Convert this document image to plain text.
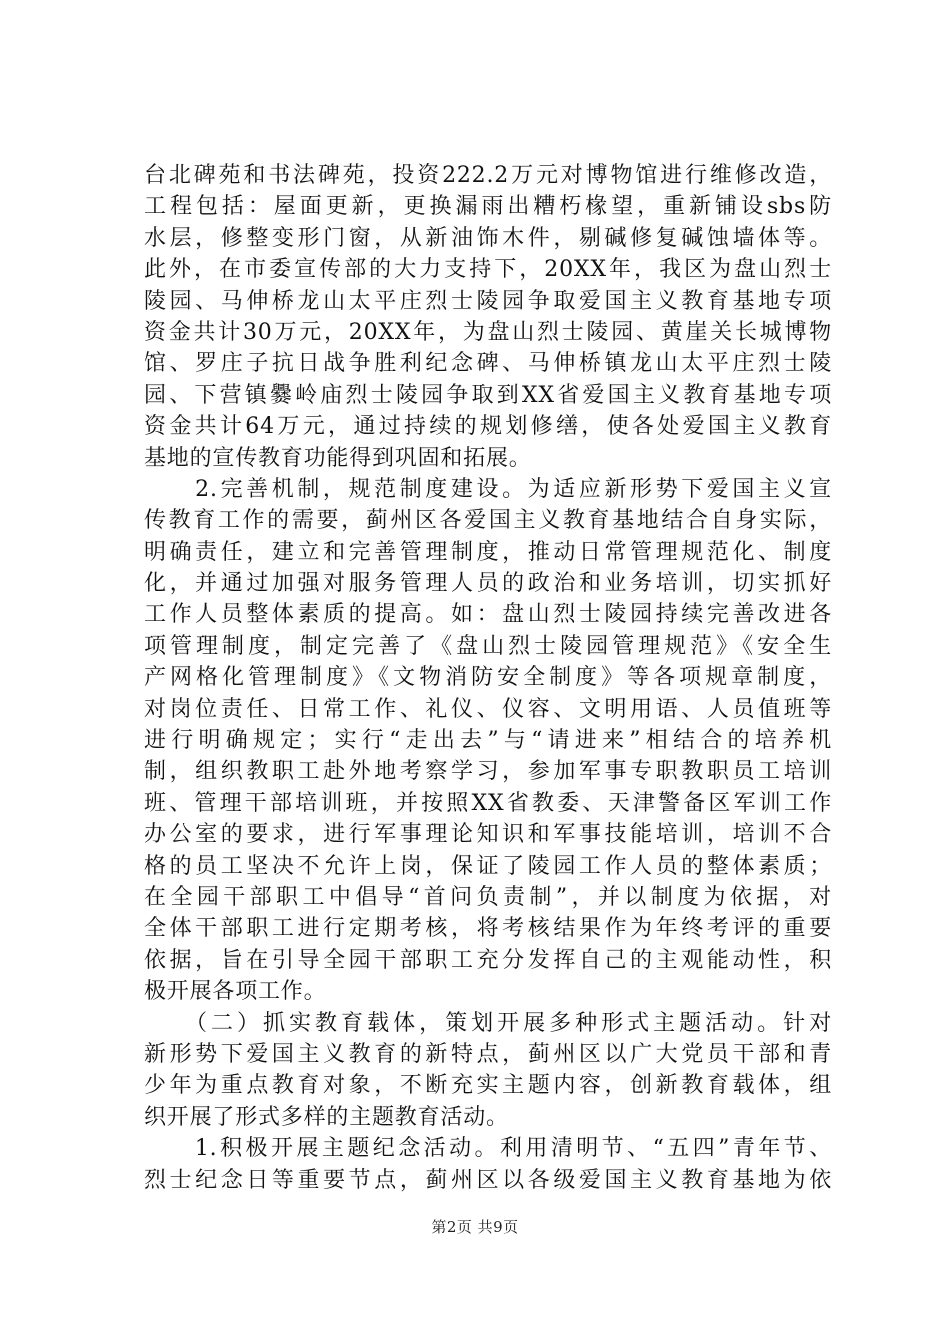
台北碑苑和书法碑苑，投资222.2万元对博物馆进行维修改造，
工程包括：屋面更新，更换漏雨出糟朽椽望，重新铺设sbs防
水层，修整变形门窗，从新油饰木件，剔碱修复碱蚀墙体等。
此外，在市委宣传部的大力支持下，20XX年，我区为盘山烈士
陵园、马伸桥龙山太平庄烈士陵园争取爱国主义教育基地专项
资金共计30万元，20XX年，为盘山烈士陵园、黄崖关长城博物
馆、罗庄子抗日战争胜利纪念碑、马伸桥镇龙山太平庄烈士陵
园、下营镇爨岭庙烈士陵园争取到XX省爱国主义教育基地专项
资金共计64万元，通过持续的规划修缮，使各处爱国主义教育
基地的宣传教育功能得到巩固和拓展。
　　2.完善机制，规范制度建设。为适应新形势下爱国主义宣
传教育工作的需要，蓟州区各爱国主义教育基地结合自身实际，
明确责任，建立和完善管理制度，推动日常管理规范化、制度
化，并通过加强对服务管理人员的政治和业务培训，切实抓好
工作人员整体素质的提高。如：盘山烈士陵园持续完善改进各
项管理制度，制定完善了《盘山烈士陵园管理规范》《安全生
产网格化管理制度》《文物消防安全制度》等各项规章制度，
对岗位责任、日常工作、礼仪、仪容、文明用语、人员值班等
进行明确规定；实行“走出去”与“请进来”相结合的培养机
制，组织教职工赴外地考察学习，参加军事专职教职员工培训
班、管理干部培训班，并按照XX省教委、天津警备区军训工作
办公室的要求，进行军事理论知识和军事技能培训，培训不合
格的员工坚决不允许上岗，保证了陵园工作人员的整体素质；
在全园干部职工中倡导“首问负责制”，并以制度为依据，对
全体干部职工进行定期考核，将考核结果作为年终考评的重要
依据，旨在引导全园干部职工充分发挥自己的主观能动性，积
极开展各项工作。
　　（二）抓实教育载体，策划开展多种形式主题活动。针对
新形势下爱国主义教育的新特点，蓟州区以广大党员干部和青
少年为重点教育对象，不断充实主题内容，创新教育载体，组
织开展了形式多样的主题教育活动。
　　1.积极开展主题纪念活动。利用清明节、“五四”青年节、
烈士纪念日等重要节点，蓟州区以各级爱国主义教育基地为依
第2页 共9页
